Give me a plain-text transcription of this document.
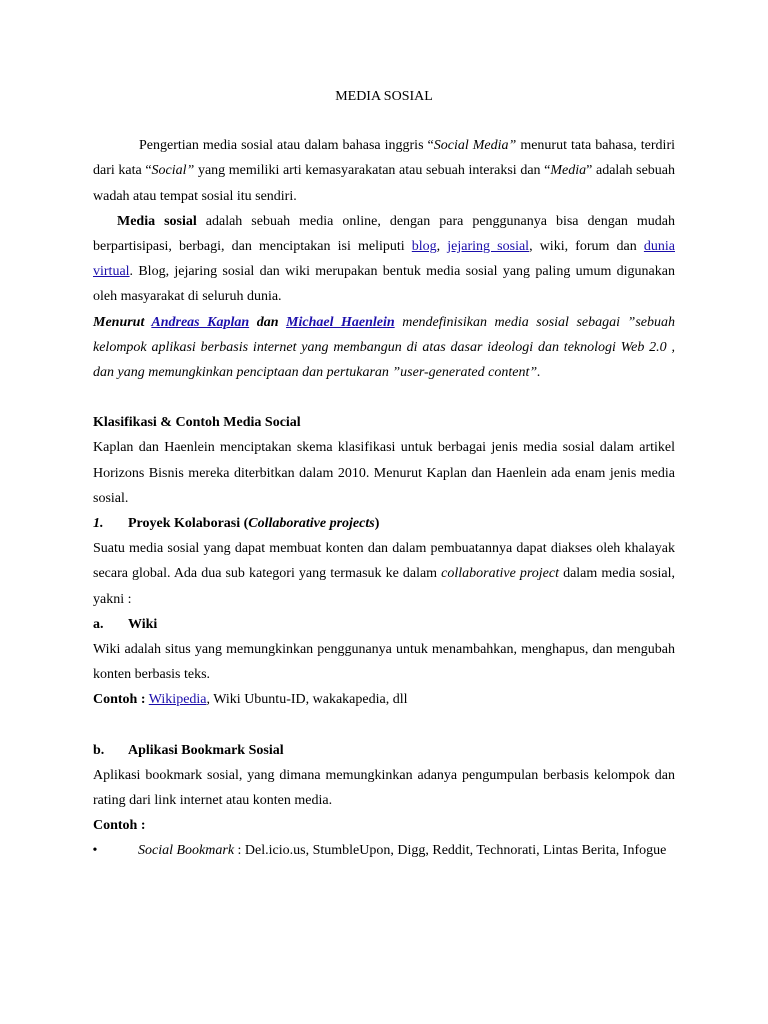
MEDIA SOSIAL

Pengertian media sosial atau dalam bahasa inggris “Social Media” menurut tata bahasa, terdiri dari kata “Social” yang memiliki arti kemasyarakatan atau sebuah interaksi dan “Media” adalah sebuah wadah atau tempat sosial itu sendiri.

Media sosial adalah sebuah media online, dengan para penggunanya bisa dengan mudah berpartisipasi, berbagi, dan menciptakan isi meliputi blog, jejaring sosial, wiki, forum dan dunia virtual. Blog, jejaring sosial dan wiki merupakan bentuk media sosial yang paling umum digunakan oleh masyarakat di seluruh dunia.

Menurut Andreas Kaplan dan Michael Haenlein mendefinisikan media sosial sebagai ”sebuah kelompok aplikasi berbasis internet yang membangun di atas dasar ideologi dan teknologi Web 2.0 , dan yang memungkinkan penciptaan dan pertukaran ”user-generated content”.

Klasifikasi & Contoh Media Social

Kaplan dan Haenlein menciptakan skema klasifikasi untuk berbagai jenis media sosial dalam artikel Horizons Bisnis mereka diterbitkan dalam 2010. Menurut Kaplan dan Haenlein ada enam jenis media sosial.

1.	Proyek Kolaborasi (Collaborative projects)

Suatu media sosial yang dapat membuat konten dan dalam pembuatannya dapat diakses oleh khalayak secara global. Ada dua sub kategori yang termasuk ke dalam collaborative project dalam media sosial, yakni :

a.	Wiki

Wiki adalah situs yang memungkinkan penggunanya untuk menambahkan, menghapus, dan mengubah konten berbasis teks.

Contoh : Wikipedia, Wiki Ubuntu-ID, wakakapedia, dll

b.	Aplikasi Bookmark Sosial

Aplikasi bookmark sosial, yang dimana memungkinkan adanya pengumpulan berbasis kelompok dan rating dari link internet atau konten media.

Contoh :

•	Social Bookmark : Del.icio.us, StumbleUpon, Digg, Reddit, Technorati, Lintas Berita, Infogue
